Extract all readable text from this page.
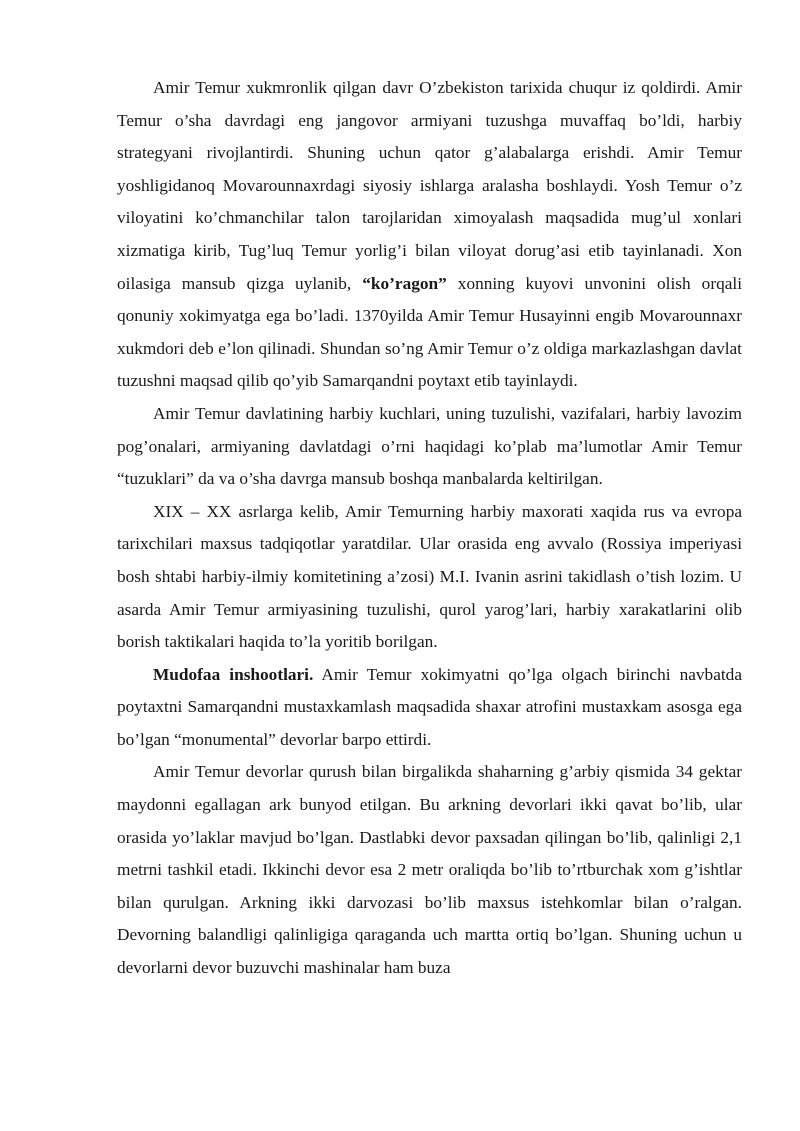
Amir Temur xukmronlik qilgan davr O’zbekiston tarixida chuqur iz qoldirdi. Amir Temur o’sha davrdagi eng jangovor armiyani tuzushga muvaffaq bo’ldi, harbiy strategyani rivojlantirdi. Shuning uchun qator g’alabalarga erishdi. Amir Temur yoshligidanoq Movarounnaxrdagi siyosiy ishlarga aralasha boshlaydi. Yosh Temur o’z viloyatini ko’chmanchilar talon tarojlaridan ximoyalash maqsadida mug’ul xonlari xizmatiga kirib, Tug’luq Temur yorlig’i bilan viloyat dorug’asi etib tayinlanadi. Xon oilasiga mansub qizga uylanib, “ko’ragon” xonning kuyovi unvonini olish orqali qonuniy xokimyatga ega bo’ladi. 1370yilda Amir Temur Husayinni engib Movarounnaxr xukmdori deb e’lon qilinadi. Shundan so’ng Amir Temur o’z oldiga markazlashgan davlat tuzushni maqsad qilib qo’yib Samarqandni poytaxt etib tayinlaydi.

Amir Temur davlatining harbiy kuchlari, uning tuzulishi, vazifalari, harbiy lavozim pog’onalari, armiyaning davlatdagi o’rni haqidagi ko’plab ma’lumotlar Amir Temur “tuzuklari” da va o’sha davrga mansub boshqa manbalarda keltirilgan.

XIX – XX asrlarga kelib, Amir Temurning harbiy maxorati xaqida rus va evropa tarixchilari maxsus tadqiqotlar yaratdilar. Ular orasida eng avvalo (Rossiya imperiyasi bosh shtabi harbiy-ilmiy komitetining a’zosi) M.I. Ivanin asrini takidlash o’tish lozim. U asarda Amir Temur armiyasining tuzulishi, qurol yarog’lari, harbiy xarakatlarini olib borish taktikalari haqida to’la yoritib borilgan.

Mudofaa inshootlari. Amir Temur xokimyatni qo’lga olgach birinchi navbatda poytaxtni Samarqandni mustaxkamlash maqsadida shaxar atrofini mustaxkam asosga ega bo’lgan “monumental” devorlar barpo ettirdi.

Amir Temur devorlar qurush bilan birgalikda shaharning g’arbiy qismida 34 gektar maydonni egallagan ark bunyod etilgan. Bu arkning devorlari ikki qavat bo’lib, ular orasida yo’laklar mavjud bo’lgan. Dastlabki devor paxsadan qilingan bo’lib, qalinligi 2,1 metrni tashkil etadi. Ikkinchi devor esa 2 metr oraliqda bo’lib to’rtburchak xom g’ishtlar bilan qurulgan. Arkning ikki darvozasi bo’lib maxsus istehkomlar bilan o’ralgan. Devorning balandligi qalinligiga qaraganda uch martta ortiq bo’lgan. Shuning uchun u devorlarni devor buzuvchi mashinalar ham buza
